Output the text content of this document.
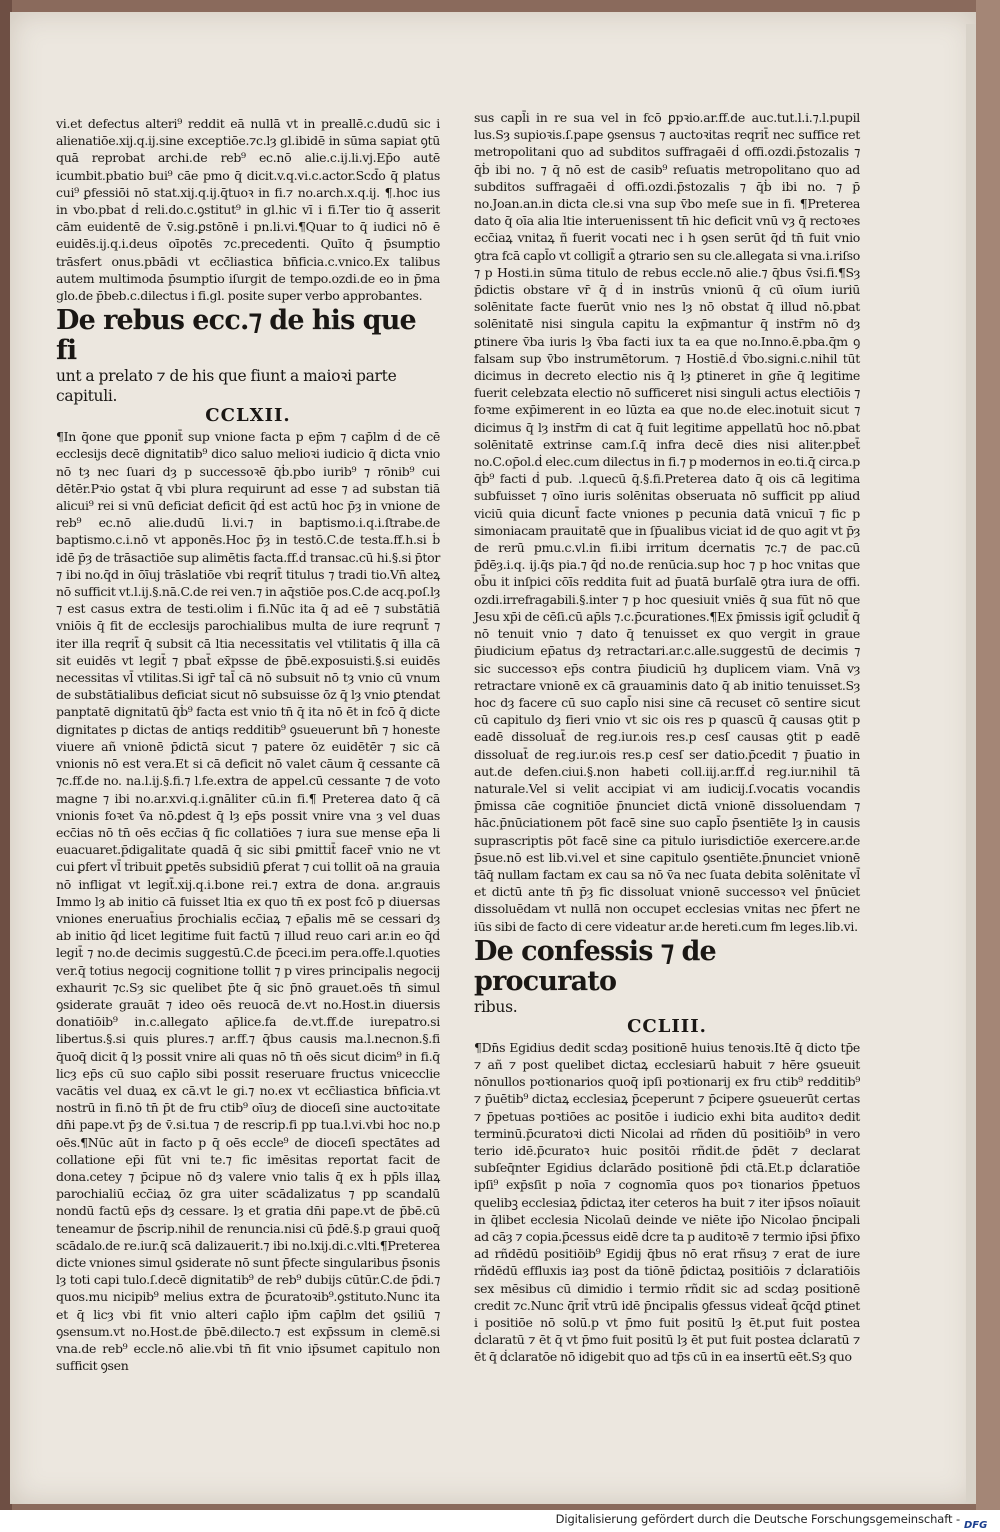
vi.et defectus alteri⁹ reddit eā nullā vt in preallē.c.dudū sic i alienatiōe.xij.q.ij.sine exceptiōe.⁊c.lȝ gl.ibidē in sūma sapiat ꝯtū quā reprobat archi.de reb⁹ ec.nō alie.c.ij.li.vj.Ep̄o autē icumbit.pbatio bui⁹ cāe pmo q̄ dicit.v.q.vi.c.actor.Scd̄o q̄ platus cui⁹ ꝑfessiōi nō stat.xij.q.ij.q̄tuoꝛ in fi.⁊ no.arch.x.q.ij. ¶.hoc ius in vbo.pbat ḋ reli.do.c.ꝯstitut⁹ in gl.hic vī i fi.Ter tio q̄ asserit cām euidentē de v̄.sig.ꝑstōnē i pn.li.vi.¶Quar to q̄ iudici nō ē euidēs.ij.q.i.deus oīpotēs ⁊c.precedenti. Quīto q̄ p̄sumptio trāsfert onus.pbādi vt ecc̄liastica bn̄ficia.c.vnico.Ex talibus autem multimoda p̄sumptio iſurgit de tempo.ozdi.de eo in p̄ma glo.de p̄beb.c.dilectus i fi.gl. posite super verbo approbantes.

De rebus ecc.⁊ de his que fi
unt a prelato ⁊ de his que fiunt a maioꝛi parte capituli.
CCLXII.

¶In q̄one que ꝑponit̄ sup vnione facta p ep̄m ⁊ cap̄lm ḋ de cē ecclesijs decē dignitatib⁹ dico saluo melioꝛi iudicio q̄ dicta vnio nō tȝ nec ſuari dȝ p successoꝛē q̄ḃ.pbo iurib⁹ ⁊ rōnib⁹ cui dētēr.Pꝛio ꝯstat q̄ vbi plura requirunt ad esse ⁊ ad substan tiā alicui⁹ rei si vnū deficiat deficit q̄ḋ est actū hoc p̄ȝ in vnione de reb⁹ ec.nō alie.dudū li.vi.⁊ in baptismo.i.q.i.ſtrabe.de baptismo.c.i.nō vt apponēs.Hoc p̄ȝ in testō.C.de testa.ff.h.si ḃ idē p̄ȝ de trāsactiōe sup alimētis facta.ff.ḋ transac.cū hi.§.si p̄tor ⁊ ibi no.q̄d in ōīuj trāslatiōe vbi reqrit̄ titulus ⁊ tradi tio.Vn̄ alteꝝ nō sufficit vt.l.ij.§.nā.C.de rei ven.⁊ in aq̄stiōe pos.C.de acq.poſ.lȝ ⁊ est casus extra de testi.olim i fi.Nūc ita q̄ ad eē ⁊ substātiā vniōis q̄ fit de ecclesijs parochialibus multa de iure reqrunt̄ ⁊ iter illa reqrit̄ q̄ subsit cā ltia necessitatis vel vtilitatis q̄ illa cā sit euidēs vt legit̄ ⁊ pbat̄ ex̄psse de p̄bē.exposuisti.§.si euidēs necessitas vl̄ vtilitas.Si igr̄ tal̄ cā nō subsuit nō tȝ vnio cū vnum de substātialibus deficiat sicut nō subsuisse ōz q̄ lȝ vnio ꝑtendat panptatē dignitatū q̄ḃ⁹ facta est vnio tn̄ q̄ ita nō ēt in fcō q̄ dicte dignitates p dictas de antiqs redditib⁹ ꝯsueuerunt bn̄ ⁊ honeste viuere añ vnionē p̄dictā sicut ⁊ patere ōz euidētēr ⁊ sic cā vnionis nō est vera.Et si cā deficit nō valet cāum q̄ cessante cā ⁊c.ff.de no. na.l.ij.§.fi.⁊ l.fe.extra de appel.cū cessante ⁊ de voto magne ⁊ ibi no.ar.xvi.q.i.gnāliter cū.in fi.¶ Preterea dato q̄ cā vnionis foꝛet v̄a nō.ꝑdest q̄ lȝ ep̄s possit vnire vna ȝ vel duas ecc̄ias nō tn̄ oēs ecc̄ias q̄ fic collatiōes ⁊ iura sue mense ep̄a li euacuaret.p̄digalitate quadā q̄ sic sibi ꝑmittit̄ facer̄ vnio ne vt cui ꝑfert vl̄ tribuit ꝑpetēs subsidiū ꝑferat ⁊ cui tollit oā na grauia nō infligat vt legit̄.xij.q.i.bone rei.⁊ extra de dona. ar.grauis Immo lȝ ab initio cā fuisset ltia ex quo tn̄ ex post fcō p diuersas vniones eneruat̄ius p̄rochialis ecc̄iaꝝ ⁊ ep̄alis mē se cessari dȝ ab initio q̄ḋ licet legitime fuit factū ⁊ illud reuo cari ar.in eo q̄ḋ legit̄ ⁊ no.de decimis suggestū.C.de p̄ceci.im pera.offe.l.quoties ver.q̄ totius negocij cognitione tollit ⁊ p vires principalis negocij exhaurit ⁊c.Sȝ sic quelibet p̄te q̄ sic p̄nō grauet.oēs tn̄ simul ꝯsiderate grauāt ⁊ ideo oēs reuocā de.vt no.Host.in diuersis donatiōib⁹ in.c.allegato ap̄lice.fa de.vt.ff.de iurepatro.si libertus.§.si quis plures.⁊ ar.ff.⁊ q̄bus causis ma.l.necnon.§.fi q̄uoq̄ dicit q̄ lȝ possit vnire ali quas nō tn̄ oēs sicut dicim⁹ in fi.q̄ licȝ ep̄s cū suo cap̄lo sibi possit reseruare fructus vnicecclie vacātis vel duaꝝ ex cā.vt le gi.⁊ no.ex vt ecc̄liastica bn̄ficia.vt nostrū in fi.nō tn̄ p̄t de fru ctib⁹ oīuȝ de dioceſi sine auctoꝛitate dn̄i pape.vt p̄ȝ de v̄.si.tua ⁊ de rescrip.fi pp tua.l.vi.vbi hoc no.p oēs.¶Nūc aūt in facto p q̄ oēs eccle⁹ de dioceſi spectātes ad collatione ep̄i fūt vni te.⁊ fic imēsitas reportat facit de dona.cetey ⁊ p̄cipue nō dȝ valere vnio talis q̄ ex ḣ pp̄ls illaꝝ parochialiū ecc̄iaꝝ ōz gra uiter scādalizatus ⁊ pp scandalū nondū factū ep̄s dȝ cessare. lȝ et gratia dn̄i pape.vt de p̄bē.cū teneamur de p̄scrip.nihil de renuncia.nisi cū p̄dē.§.p graui quoq̄ scādalo.de re.iur.q̄ scā dalizauerit.⁊ ibi no.lxij.di.c.vlti.¶Preterea dicte vniones simul ꝯsiderate nō sunt p̄fecte singularibus p̄sonis lȝ toti capi tulo.ſ.decē dignitatib⁹ de reb⁹ dubijs cūtūr.C.de p̄di.⁊ quos.mu nicipib⁹ melius extra de p̄curatoꝛib⁹.ꝯstituto.Nunc ita et q̄ licȝ vbi fit vnio alteri cap̄lo ip̄m cap̄lm det ꝯsiliū ⁊ ꝯsensum.vt no.Host.de p̄bē.dilecto.⁊ est exp̄ssum in clemē.si vna.de reb⁹ eccle.nō alie.vbi tn̄ fit vnio ip̄sumet capitulo non sufficit ꝯsen

sus capl̄i in re sua vel in fcō ꝑpꝛio.ar.ff.de auc.tut.l.i.⁊.l.pupil lus.Sȝ supioꝛis.ſ.pape ꝯsensus ⁊ auctoꝛitas reqrit̄ nec suffice ret metropolitani quo ad subditos suffragaēi ḋ offi.ozdi.p̄stozalis ⁊ q̄ḃ ibi no. ⁊ q̄ nō est de casib⁹ reſuatis metropolitano quo ad subditos suffragaēi ḋ offi.ozdi.p̄stozalis ⁊ q̄ḃ ibi no. ⁊ p̄ no.Joan.an.in dicta cle.si vna sup v̄bo meſe sue in fi. ¶Preterea dato q̄ oīa alia ltie interuenissent tn̄ hic deficit vnū vȝ q̄ rectoꝛes ecc̄iaꝝ vnitaꝝ ñ fuerit vocati nec i h ꝯsen serūt q̄ḋ tn̄ fuit vnio ꝯtra fcā capl̄o vt colligit̄ a ꝯtrario sen su cle.allegata si vna.i.riſso ⁊ p Hosti.in sūma titulo de rebus eccle.nō alie.⁊ q̄bus v̄si.fi.¶Sȝ p̄dictis obstare vr̄ q̄ ḋ in instrūs vnionū q̄ cū oīum iuriū solēnitate facte fuerūt vnio nes lȝ nō obstat q̄ illud nō.pbat solēnitatē nisi singula capitu la exp̄mantur q̄ instr̄m nō dȝ ꝑtinere v̄ba iuris lȝ v̄ba facti iux ta ea que no.Inno.ē.pba.q̄m ꝯ falsam sup v̄bo instrumētorum. ⁊ Hostiē.ḋ v̄bo.signi.c.nihil tūt dicimus in decreto electio nis q̄ lȝ ꝑtineret in gn̄e q̄ legitime fuerit celebzata electio nō sufficeret nisi singuli actus electiōis ⁊ foꝛme exp̄imerent in eo lūzta ea que no.de elec.inotuit sicut ⁊ dicimus q̄ lȝ instr̄m di cat q̄ fuit legitime appellatū hoc nō.pbat solēnitatē extrinse cam.ſ.q̄ infra decē dies nisi aliter.pbet̄ no.C.op̄ol.ḋ elec.cum dilectus in fi.⁊ p modernos in eo.ti.q̄ circa.p q̄ḃ⁹ facti ḋ pub. .l.quecū q̄.§.fi.Preterea dato q̄ ois cā legitima subfuisset ⁊ oīno iuris solēnitas obseruata nō sufficit pp aliud viciū quia dicunt̄ facte vniones p pecunia datā vnicuī ⁊ fic p simoniacam prauitatē que in ſp̄ualibus viciat id de quo agit vt p̄ȝ de rerū pmu.c.vl.in fi.ibi irritum ḋcernatis ⁊c.⁊ de pac.cū p̄dēȝ.i.q. ij.q̄s pia.⁊ q̄ḋ no.de renūcia.sup hoc ⁊ p hoc vnitas que ob̄u it inſpici cōīs reddita fuit ad p̄uatā burſalē ꝯtra iura de offi. ozdi.irrefragabili.§.inter ⁊ p hoc quesiuit vniēs q̄ sua fūt nō que Jesu xp̄i de cēſi.cū ap̄ls ⁊.c.p̄curationes.¶Ex p̄missis igit̄ ꝯcludit̄ q̄ nō tenuit vnio ⁊ dato q̄ tenuisset ex quo vergit in graue p̄iudicium ep̄atus dȝ retractari.ar.c.alle.suggestū de decimis ⁊ sic successoꝛ ep̄s contra p̄iudiciū hȝ duplicem viam. Vnā vȝ retractare vnionē ex cā grauaminis dato q̄ ab initio tenuisset.Sȝ hoc dȝ facere cū suo capl̄o nisi sine cā recuset cō sentire sicut cū capitulo dȝ fieri vnio vt sic ois res p quascū q̄ causas ꝯtit p eadē dissoluat̄ de reg.iur.ois res.p cesſ causas ꝯtit p eadē dissoluat̄ de reg.iur.ois res.p cesſ ser datio.p̄cedit ⁊ p̄uatio in aut.de defen.ciui.§.non habeti coll.iij.ar.ff.ḋ reg.iur.nihil tā naturale.Vel si velit accipiat vi am iudicij.ſ.vocatis vocandis p̄missa cāe cognitiōe p̄nunciet dictā vnionē dissoluendam ⁊ hāc.p̄nūciationem pōt facē sine suo capl̄o p̄sentiēte lȝ in causis suprascriptis pōt facē sine ca pitulo iurisdictiōe exercere.ar.de p̄sue.nō est lib.vi.vel et sine capitulo ꝯsentiēte.p̄nunciet vnionē tāq̄ nullam factam ex cau sa nō v̄a nec ſuata debita solēnitate vl̄ et dictū ante tn̄ p̄ȝ fic dissoluat vnionē successoꝛ vel p̄nūciet dissoluēdam vt nullā non occupet ecclesias vnitas nec p̄fert ne iūs sibi de facto di cere videatur ar.de hereti.cum fm leges.lib.vi.

De confessis ⁊ de procurato
ribus.
CCLIII.

¶Dn̄s Egidius dedit scdaȝ positionē huius tenoꝛis.Itē q̄ dicto tp̄e ⁊ añ ⁊ post quelibet dictaꝝ ecclesiarū habuit ⁊ hēre ꝯsueuit nōnullos poꝛtionarios quoq̄ ipſi poꝛtionarij ex fru ctib⁹ redditib⁹ ⁊ p̄uētib⁹ dictaꝝ ecclesiaꝝ p̄ceperunt ⁊ p̄cipere ꝯsueuerūt certas ⁊ p̄petuas poꝛtiōes ac positōe i iudicio exhi bita auditoꝛ dedit terminū.p̄curatoꝛi dicti Nicolai ad rñden dū positiōib⁹ in vero terio idē.p̄curatoꝛ huic positōi rñdit.de p̄dēt ⁊ declarat subſeq̄nter Egidius ḋclarādo positionē p̄di ctā.Et.p ḋclaratiōe ipſi⁹ exp̄sſit p noīa ⁊ cognomīa quos poꝛ tionarios p̄petuos quelibꝫ ecclesiaꝝ p̄dictaꝝ iter ceteros ha buit ⁊ iter ip̄sos noīauit in q̄libet ecclesia Nicolaū deinde ve niēte ip̄o Nicolao p̄ncipali ad cāȝ ⁊ copia.p̄cessus eidē ḋcre ta p auditoꝛē ⁊ termio ip̄si p̄fixo ad rñdēdū positiōib⁹ Egidij q̄bus nō erat rñsuȝ ⁊ erat de iure rñdēdū effluxis iaȝ post da tiōnē p̄dictaꝝ positiōis ⁊ ḋclaratiōis sex mēsibus cū dimidio i termio rñdit sic ad scdaȝ positionē credit ⁊c.Nunc q̄rit̄ vtrū idē p̄ncipalis ꝯfessus videat̄ q̄cq̄d ꝑtinet i positiōe nō solū.p vt p̄mo fuit positū lȝ ēt.put fuit postea ḋclaratū ⁊ ēt q̄ vt p̄mo fuit positū lȝ ēt put fuit postea ḋclaratū ⁊ ēt q̄ ḋclaratōe nō idigebit quo ad tp̄s cū in ea insertū eēt.Sȝ quo

Digitalisierung gefördert durch die Deutsche Forschungsgemeinschaft - DFG
